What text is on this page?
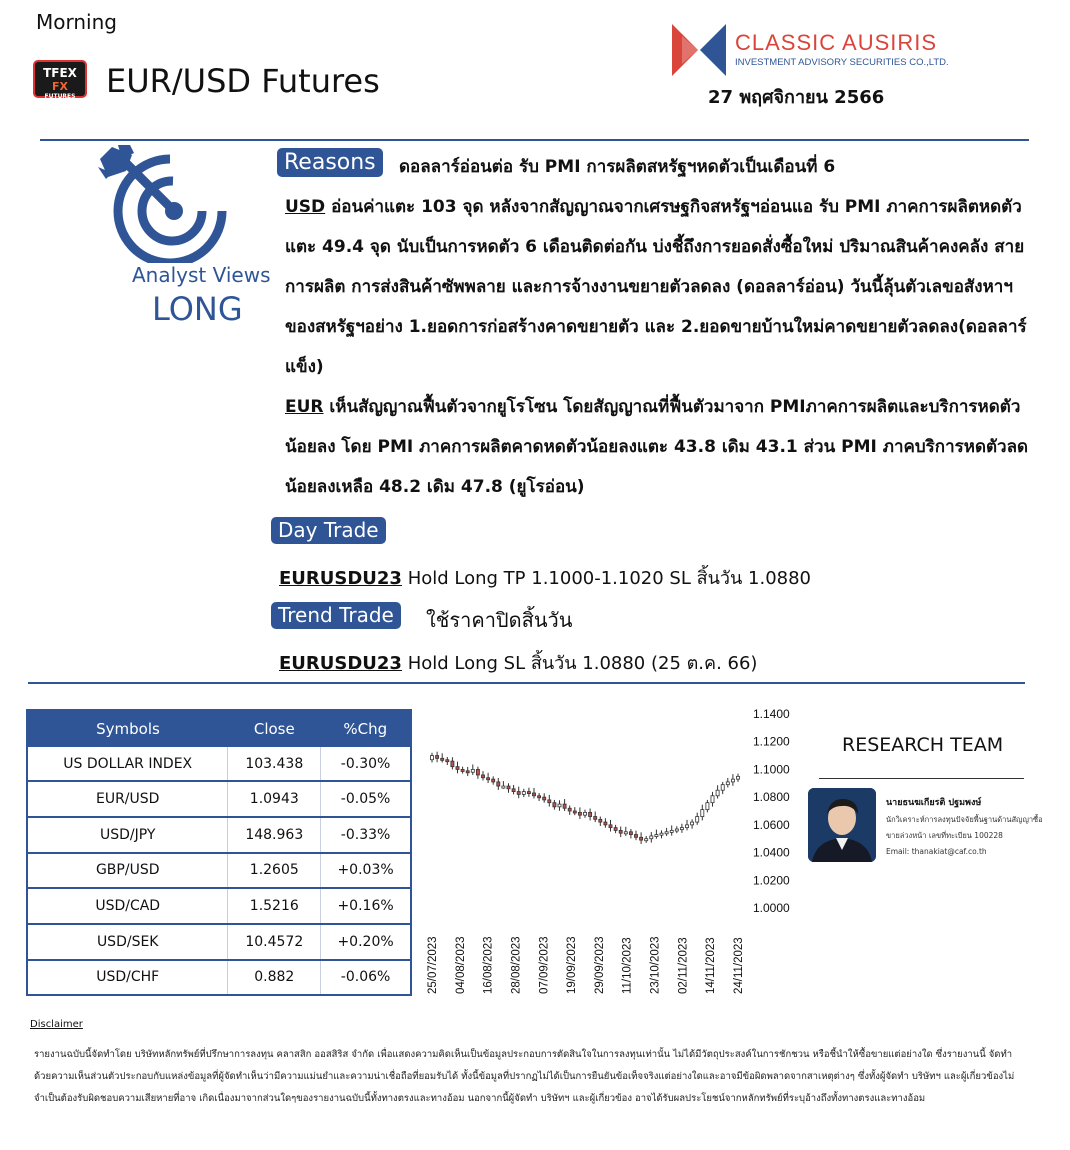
Morning
TFEX
FX
FUTURES EUR/USD Futures
CLASSIC AUSIRIS
INVESTMENT ADVISORY SECURITIES CO.,LTD.
27 พฤศจิกายน 2566
Analyst Views
LONG
Reasons	ดอลลาร์อ่อนต่อ รับ PMI การผลิตสหรัฐฯหดตัวเป็นเดือนที่ 6
USD อ่อนค่าแตะ 103 จุด หลังจากสัญญาณจากเศรษฐกิจสหรัฐฯอ่อนแอ รับ PMI ภาคการผลิตหดตัวแตะ 49.4 จุด นับเป็นการหดตัว 6 เดือนติดต่อกัน บ่งชี้ถึงการยอดสั่งซื้อใหม่ ปริมาณสินค้าคงคลัง สายการผลิต การส่งสินค้าซัพพลาย และการจ้างงานขยายตัวลดลง (ดอลลาร์อ่อน) วันนี้ลุ้นตัวเลขอสังหาฯของสหรัฐฯอย่าง 1.ยอดการก่อสร้างคาดขยายตัว และ 2.ยอดขายบ้านใหม่คาดขยายตัวลดลง(ดอลลาร์แข็ง)
EUR เห็นสัญญาณฟื้นตัวจากยูโรโซน โดยสัญญาณที่ฟื้นตัวมาจาก PMIภาคการผลิตและบริการหดตัวน้อยลง โดย PMI ภาคการผลิตคาดหดตัวน้อยลงแตะ 43.8 เดิม 43.1 ส่วน PMI ภาคบริการหดตัวลดน้อยลงเหลือ 48.2 เดิม 47.8 (ยูโรอ่อน)
Day Trade
EURUSDU23 Hold Long TP 1.1000-1.1020 SL สิ้นวัน 1.0880
Trend Trade	ใช้ราคาปิดสิ้นวัน
EURUSDU23 Hold Long SL สิ้นวัน 1.0880 (25 ต.ค. 66)
Symbols	Close	%Chg
US DOLLAR INDEX	103.438	-0.30%
EUR/USD	1.0943	-0.05%
USD/JPY	148.963	-0.33%
GBP/USD	1.2605	+0.03%
USD/CAD	1.5216	+0.16%
USD/SEK	10.4572	+0.20%
USD/CHF	0.882	-0.06%
1.1400
1.1200
1.1000
1.0800
1.0600
1.0400
1.0200
1.0000
25/07/2023 04/08/2023 16/08/2023 28/08/2023 07/09/2023 19/09/2023 29/09/2023 11/10/2023 23/10/2023 02/11/2023 14/11/2023 24/11/2023
RESEARCH TEAM
นายธนฆเกียรติ ปฐมพงษ์
นักวิเคราะห์การลงทุนปัจจัยพื้นฐานด้านสัญญาซื้อ
ขายล่วงหน้า เลขที่ทะเบียน 100228
Email: thanakiat@caf.co.th
Disclaimer
รายงานฉบับนี้จัดทำโดย บริษัทหลักทรัพย์ที่ปรึกษาการลงทุน คลาสสิก ออสสิริส จำกัด เพื่อแสดงความคิดเห็นเป็นข้อมูลประกอบการตัดสินใจในการลงทุนเท่านั้น ไม่ได้มีวัตถุประสงค์ในการชักชวน หรือชี้นำให้ซื้อขายแต่อย่างใด ซึ่งรายงานนี้ จัดทำด้วยความเห็นส่วนตัวประกอบกับแหล่งข้อมูลที่ผู้จัดทำเห็นว่ามีความแม่นยำและความน่าเชื่อถือที่ยอมรับได้ ทั้งนี้ข้อมูลที่ปรากฏไม่ได้เป็นการยืนยันข้อเท็จจริงแต่อย่างใดและอาจมีข้อผิดพลาดจากสาเหตุต่างๆ ซึ่งทั้งผู้จัดทำ บริษัทฯ และผู้เกี่ยวข้องไม่จำเป็นต้องรับผิดชอบความเสียหายที่อาจ เกิดเนื่องมาจากส่วนใดๆของรายงานฉบับนี้ทั้งทางตรงและทางอ้อม นอกจากนี้ผู้จัดทำ บริษัทฯ และผู้เกี่ยวข้อง อาจได้รับผลประโยชน์จากหลักทรัพย์ที่ระบุอ้างถึงทั้งทางตรงและทางอ้อม
